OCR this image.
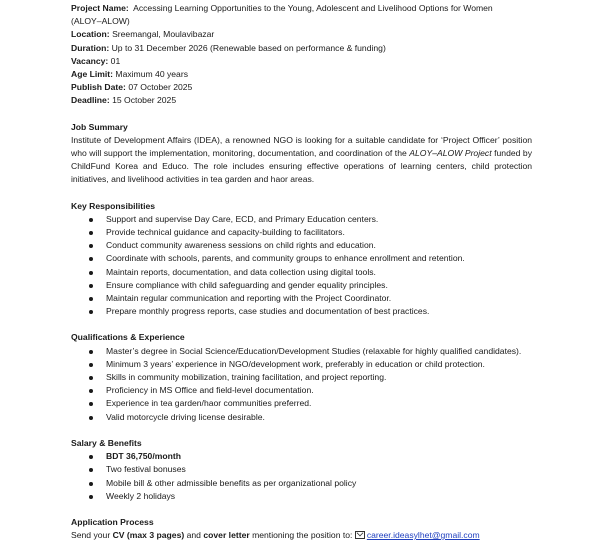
Project Name: Accessing Learning Opportunities to the Young, Adolescent and Livelihood Options for Women
(ALOY–ALOW)
Location: Sreemangal, Moulavibazar
Duration: Up to 31 December 2026 (Renewable based on performance & funding)
Vacancy: 01
Age Limit: Maximum 40 years
Publish Date: 07 October 2025
Deadline: 15 October 2025
Job Summary
Institute of Development Affairs (IDEA), a renowned NGO is looking for a suitable candidate for ‘Project Officer’ position who will support the implementation, monitoring, documentation, and coordination of the ALOY–ALOW Project funded by ChildFund Korea and Educo. The role includes ensuring effective operations of learning centers, child protection initiatives, and livelihood activities in tea garden and haor areas.
Key Responsibilities
Support and supervise Day Care, ECD, and Primary Education centers.
Provide technical guidance and capacity-building to facilitators.
Conduct community awareness sessions on child rights and education.
Coordinate with schools, parents, and community groups to enhance enrollment and retention.
Maintain reports, documentation, and data collection using digital tools.
Ensure compliance with child safeguarding and gender equality principles.
Maintain regular communication and reporting with the Project Coordinator.
Prepare monthly progress reports, case studies and documentation of best practices.
Qualifications & Experience
Master’s degree in Social Science/Education/Development Studies (relaxable for highly qualified candidates).
Minimum 3 years’ experience in NGO/development work, preferably in education or child protection.
Skills in community mobilization, training facilitation, and project reporting.
Proficiency in MS Office and field-level documentation.
Experience in tea garden/haor communities preferred.
Valid motorcycle driving license desirable.
Salary & Benefits
BDT 36,750/month
Two festival bonuses
Mobile bill & other admissible benefits as per organizational policy
Weekly 2 holidays
Application Process
Send your CV (max 3 pages) and cover letter mentioning the position to: career.ideasylhet@gmail.com
